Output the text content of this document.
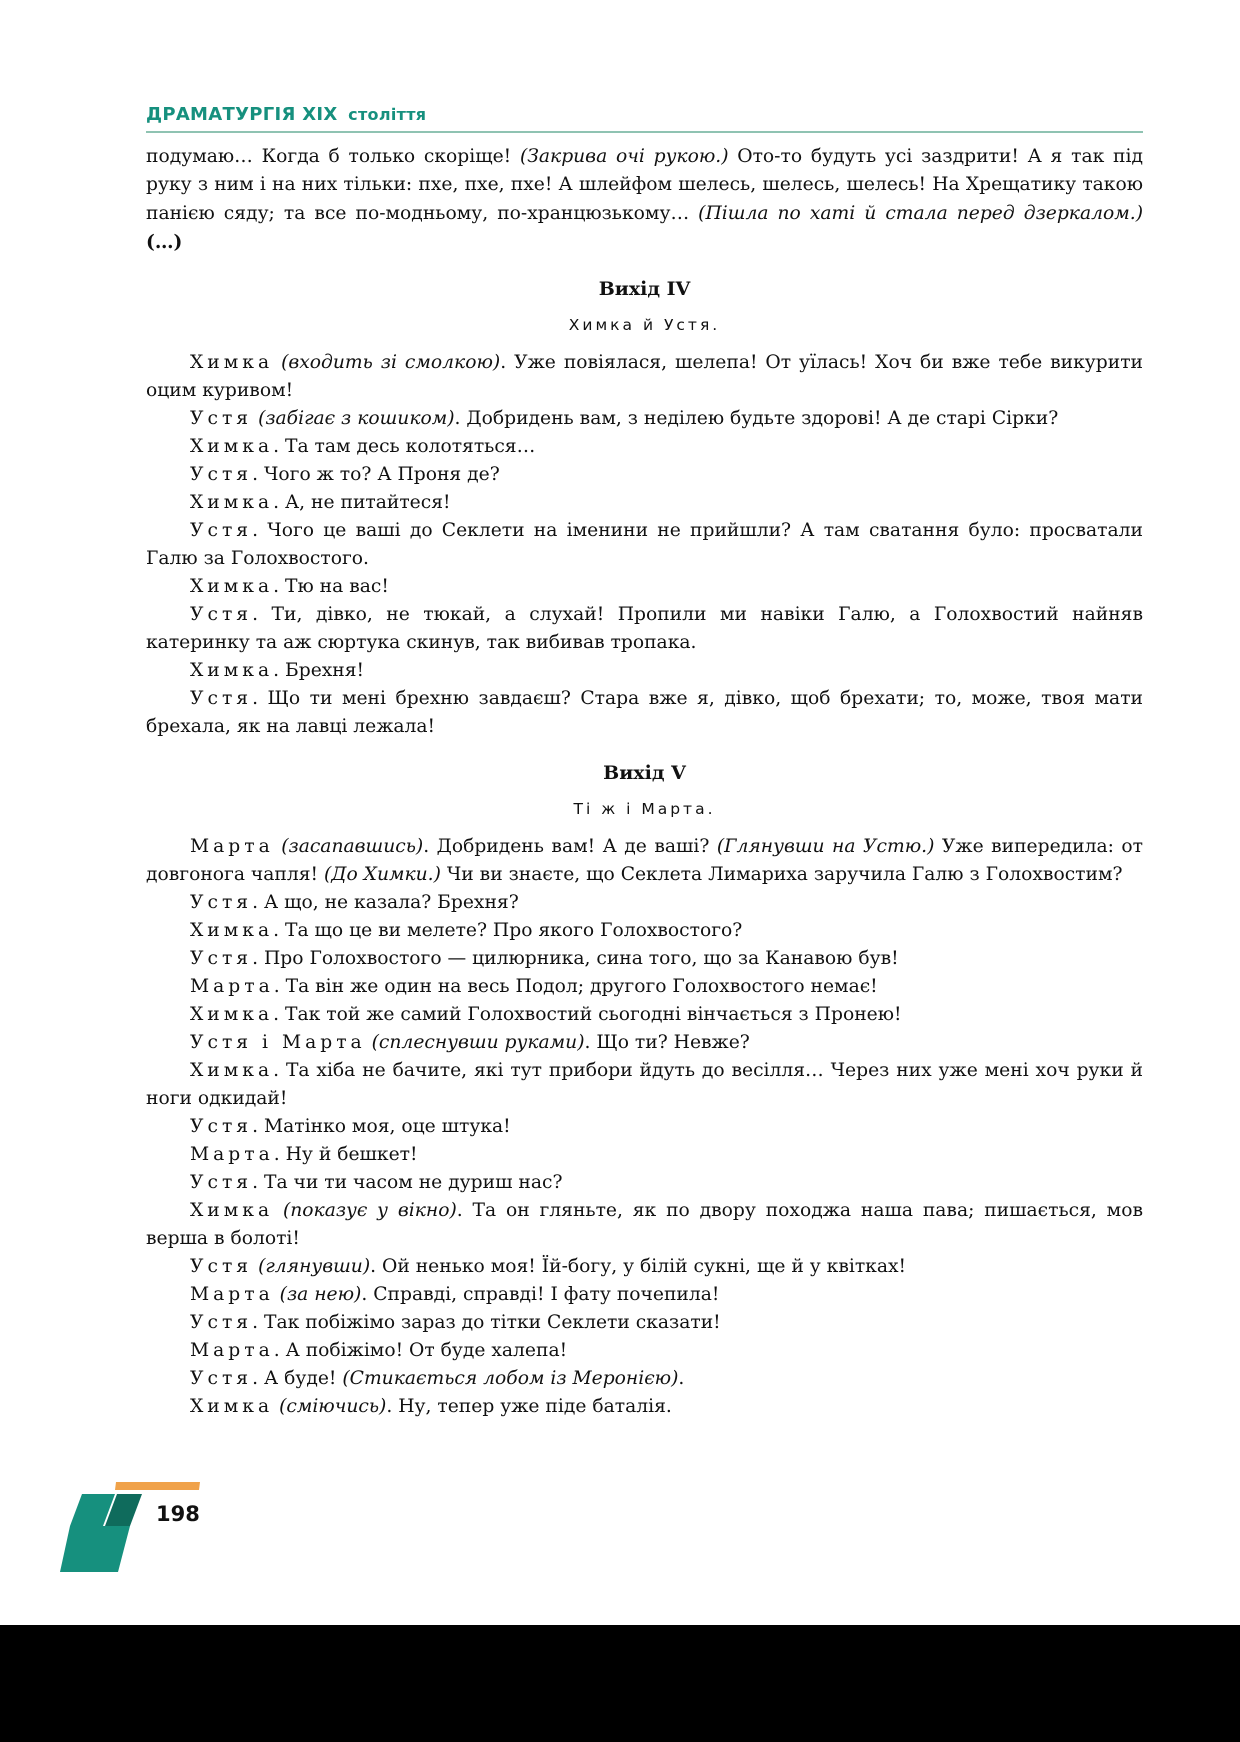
ДРАМАТУРГІЯ XIX століття

подумаю… Когда б только скоріще! (Закрива очі рукою.) Ото-то будуть усі заздрити! А я так під руку з ним і на них тільки: пхе, пхе, пхе! А шлейфом шелесь, шелесь, шелесь! На Хрещатику такою панією сяду; та все по-модньому, по-хранцюзькому… (Пішла по хаті й стала перед дзеркалом.) (…)

Вихід IV
Химка й Устя.

Химка (входить зі смолкою). Уже повіялася, шелепа! От уїлась! Хоч би вже тебе викурити оцим куривом!

Устя (забігає з кошиком). Добридень вам, з неділею будьте здорові! А де старі Сірки?

Химка. Та там десь колотяться…

Устя. Чого ж то? А Проня де?

Химка. А, не питайтеся!

Устя. Чого це ваші до Секлети на іменини не прийшли? А там сватання було: просватали Галю за Голохвостого.

Химка. Тю на вас!

Устя. Ти, дівко, не тюкай, а слухай! Пропили ми навіки Галю, а Голохвостий найняв катеринку та аж сюртука скинув, так вибивав тропака.

Химка. Брехня!

Устя. Що ти мені брехню завдаєш? Стара вже я, дівко, щоб брехати; то, може, твоя мати брехала, як на лавці лежала!

Вихід V
Ті ж і Марта.

Марта (засапавшись). Добридень вам! А де ваші? (Глянувши на Устю.) Уже випередила: от довгонога чапля! (До Химки.) Чи ви знаєте, що Секлета Лимариха заручила Галю з Голохвостим?

Устя. А що, не казала? Брехня?

Химка. Та що це ви мелете? Про якого Голохвостого?

Устя. Про Голохвостого — цилюрника, сина того, що за Канавою був!

Марта. Та він же один на весь Подол; другого Голохвостого немає!

Химка. Так той же самий Голохвостий сьогодні вінчається з Пронею!

Устя і Марта (сплеснувши руками). Що ти? Невже?

Химка. Та хіба не бачите, які тут прибори йдуть до весілля… Через них уже мені хоч руки й ноги одкидай!

Устя. Матінко моя, оце штука!

Марта. Ну й бешкет!

Устя. Та чи ти часом не дуриш нас?

Химка (показує у вікно). Та он гляньте, як по двору походжа наша пава; пишається, мов верша в болоті!

Устя (глянувши). Ой ненько моя! Їй-богу, у білій сукні, ще й у квітках!

Марта (за нею). Справді, справді! І фату почепила!

Устя. Так побіжімо зараз до тітки Секлети сказати!

Марта. А побіжімо! От буде халепа!

Устя. А буде! (Стикається лобом із Меронією).

Химка (сміючись). Ну, тепер уже піде баталія.

198
